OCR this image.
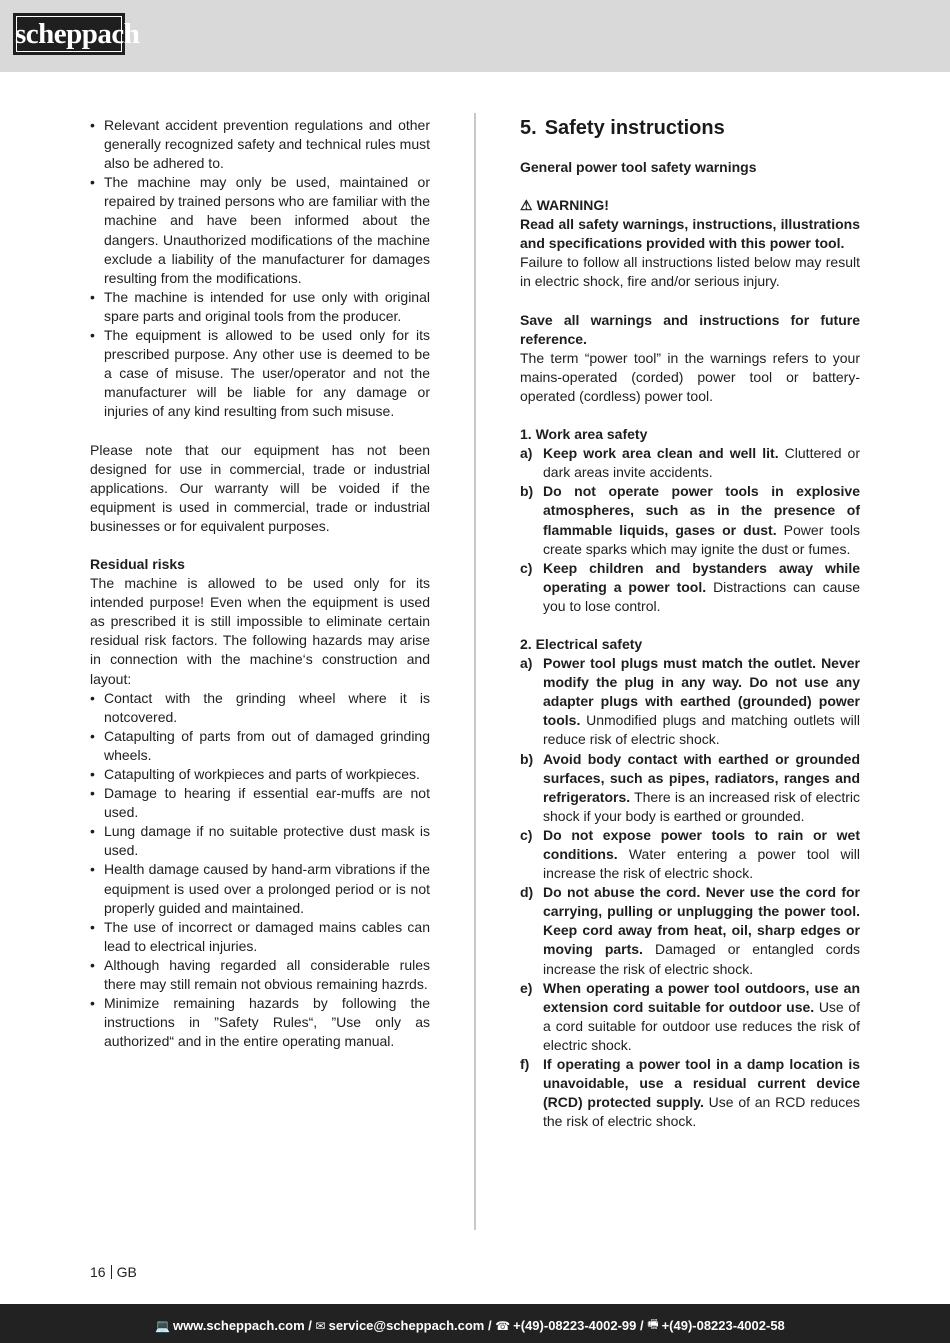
scheppach
• Relevant accident prevention regulations and other generally recognized safety and technical rules must also be adhered to.
• The machine may only be used, maintained or repaired by trained persons who are familiar with the machine and have been informed about the dangers. Unauthorized modifications of the machine exclude a liability of the manufacturer for damages resulting from the modifications.
• The machine is intended for use only with original spare parts and original tools from the producer.
• The equipment is allowed to be used only for its prescribed purpose. Any other use is deemed to be a case of misuse. The user/operator and not the manufacturer will be liable for any damage or injuries of any kind resulting from such misuse.

Please note that our equipment has not been designed for use in commercial, trade or industrial applications. Our warranty will be voided if the equipment is used in commercial, trade or industrial businesses or for equivalent purposes.

Residual risks

The machine is allowed to be used only for its intended purpose! Even when the equipment is used as prescribed it is still impossible to eliminate certain residual risk factors. The following hazards may arise in connection with the machine‘s construction and layout:

• Contact with the grinding wheel where it is notcovered.
• Catapulting of parts from out of damaged grinding wheels.
• Catapulting of workpieces and parts of workpieces.
• Damage to hearing if essential ear-muffs are not used.
• Lung damage if no suitable protective dust mask is used.
• Health damage caused by hand-arm vibrations if the equipment is used over a prolonged period or is not properly guided and maintained.
• The use of incorrect or damaged mains cables can lead to electrical injuries.
• Although having regarded all considerable rules there may still remain not obvious remaining hazrds.
• Minimize remaining hazards by following the instructions in ”Safety Rules“, ”Use only as authorized“ and in the entire operating manual.
5. Safety instructions

General power tool safety warnings

⚠ WARNING!

Read all safety warnings, instructions, illustrations and specifications provided with this power tool.

Failure to follow all instructions listed below may result in electric shock, fire and/or serious injury.

Save all warnings and instructions for future reference.

The term “power tool” in the warnings refers to your mains-operated (corded) power tool or battery-operated (cordless) power tool.

1. Work area safety

a) Keep work area clean and well lit. Cluttered or dark areas invite accidents.
b) Do not operate power tools in explosive atmospheres, such as in the presence of flammable liquids, gases or dust. Power tools create sparks which may ignite the dust or fumes.
c) Keep children and bystanders away while operating a power tool. Distractions can cause you to lose control.

2. Electrical safety

a) Power tool plugs must match the outlet. Never modify the plug in any way. Do not use any adapter plugs with earthed (grounded) power tools. Unmodified plugs and matching outlets will reduce risk of electric shock.
b) Avoid body contact with earthed or grounded surfaces, such as pipes, radiators, ranges and refrigerators. There is an increased risk of electric shock if your body is earthed or grounded.
c) Do not expose power tools to rain or wet conditions. Water entering a power tool will increase the risk of electric shock.
d) Do not abuse the cord. Never use the cord for carrying, pulling or unplugging the power tool. Keep cord away from heat, oil, sharp edges or moving parts. Damaged or entangled cords increase the risk of electric shock.
e) When operating a power tool outdoors, use an extension cord suitable for outdoor use. Use of a cord suitable for outdoor use reduces the risk of electric shock.
f) If operating a power tool in a damp location is unavoidable, use a residual current device (RCD) protected supply. Use of an RCD reduces the risk of electric shock.
16 GB
💻 www.scheppach.com / ✉ service@scheppach.com / ☎ +(49)-08223-4002-99 / 🖷 +(49)-08223-4002-58
